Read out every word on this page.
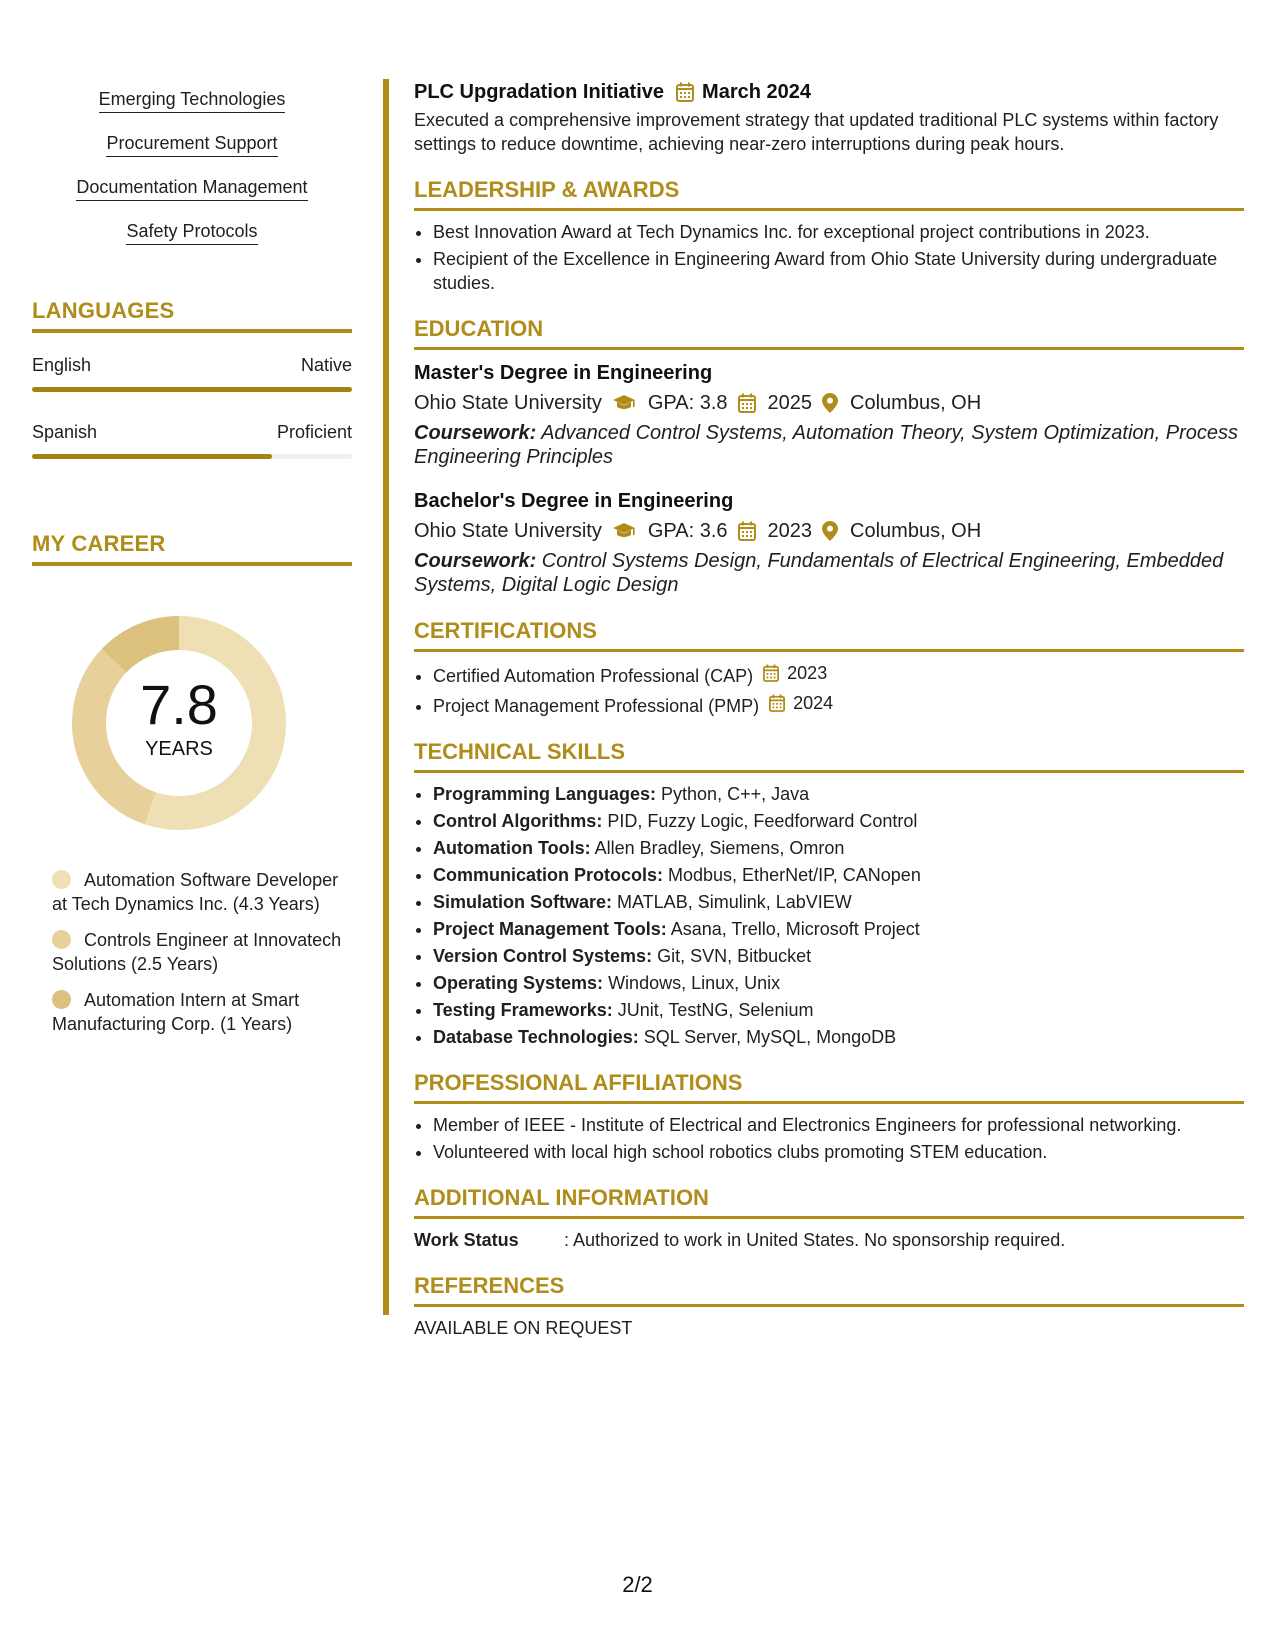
Emerging Technologies
Procurement Support
Documentation Management
Safety Protocols
LANGUAGES
English	Native
Spanish	Proficient
MY CAREER
7.8
YEARS
Automation Software Developer at Tech Dynamics Inc. (4.3 Years)
Controls Engineer at Innovatech Solutions (2.5 Years)
Automation Intern at Smart Manufacturing Corp. (1 Years)
PLC Upgradation Initiative March 2024
Executed a comprehensive improvement strategy that updated traditional PLC systems within factory settings to reduce downtime, achieving near-zero interruptions during peak hours.
LEADERSHIP & AWARDS
• Best Innovation Award at Tech Dynamics Inc. for exceptional project contributions in 2023.
• Recipient of the Excellence in Engineering Award from Ohio State University during undergraduate studies.
EDUCATION
Master's Degree in Engineering
Ohio State University GPA: 3.8 2025 Columbus, OH
Coursework: Advanced Control Systems, Automation Theory, System Optimization, Process Engineering Principles
Bachelor's Degree in Engineering
Ohio State University GPA: 3.6 2023 Columbus, OH
Coursework: Control Systems Design, Fundamentals of Electrical Engineering, Embedded Systems, Digital Logic Design
CERTIFICATIONS
• Certified Automation Professional (CAP) 2023
• Project Management Professional (PMP) 2024
TECHNICAL SKILLS
• Programming Languages: Python, C++, Java
• Control Algorithms: PID, Fuzzy Logic, Feedforward Control
• Automation Tools: Allen Bradley, Siemens, Omron
• Communication Protocols: Modbus, EtherNet/IP, CANopen
• Simulation Software: MATLAB, Simulink, LabVIEW
• Project Management Tools: Asana, Trello, Microsoft Project
• Version Control Systems: Git, SVN, Bitbucket
• Operating Systems: Windows, Linux, Unix
• Testing Frameworks: JUnit, TestNG, Selenium
• Database Technologies: SQL Server, MySQL, MongoDB
PROFESSIONAL AFFILIATIONS
• Member of IEEE - Institute of Electrical and Electronics Engineers for professional networking.
• Volunteered with local high school robotics clubs promoting STEM education.
ADDITIONAL INFORMATION
Work Status	: Authorized to work in United States. No sponsorship required.
REFERENCES
AVAILABLE ON REQUEST
2/2
